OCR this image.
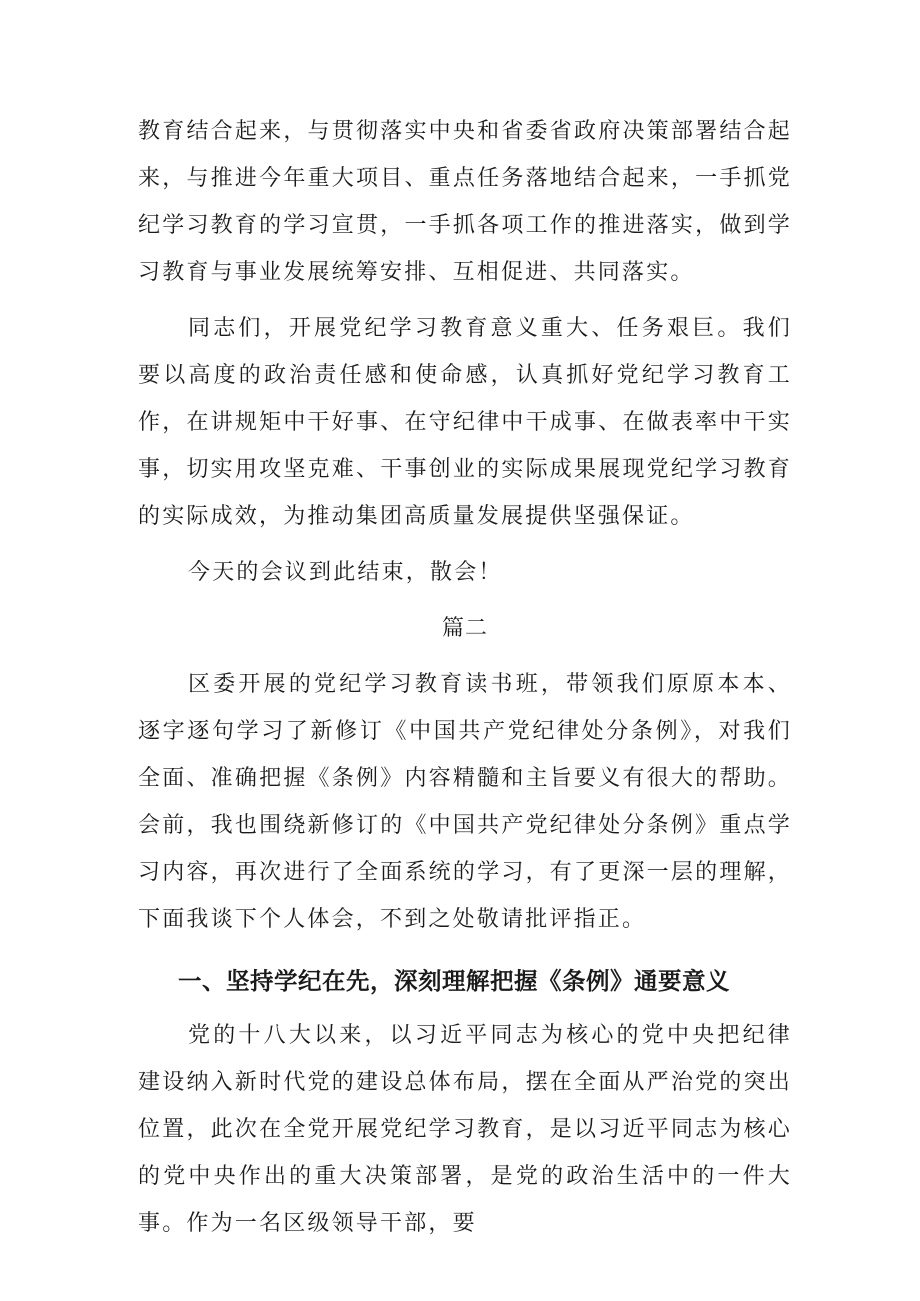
教育结合起来，与贯彻落实中央和省委省政府决策部署结合起来，与推进今年重大项目、重点任务落地结合起来，一手抓党纪学习教育的学习宣贯，一手抓各项工作的推进落实，做到学习教育与事业发展统筹安排、互相促进、共同落实。

同志们，开展党纪学习教育意义重大、任务艰巨。我们要以高度的政治责任感和使命感，认真抓好党纪学习教育工作，在讲规矩中干好事、在守纪律中干成事、在做表率中干实事，切实用攻坚克难、干事创业的实际成果展现党纪学习教育的实际成效，为推动集团高质量发展提供坚强保证。

今天的会议到此结束，散会！

篇二

区委开展的党纪学习教育读书班，带领我们原原本本、逐字逐句学习了新修订《中国共产党纪律处分条例》，对我们全面、准确把握《条例》内容精髓和主旨要义有很大的帮助。会前，我也围绕新修订的《中国共产党纪律处分条例》重点学习内容，再次进行了全面系统的学习，有了更深一层的理解，下面我谈下个人体会，不到之处敬请批评指正。

一、坚持学纪在先，深刻理解把握《条例》通要意义

党的十八大以来，以习近平同志为核心的党中央把纪律建设纳入新时代党的建设总体布局，摆在全面从严治党的突出位置，此次在全党开展党纪学习教育，是以习近平同志为核心的党中央作出的重大决策部署，是党的政治生活中的一件大事。作为一名区级领导干部，要
